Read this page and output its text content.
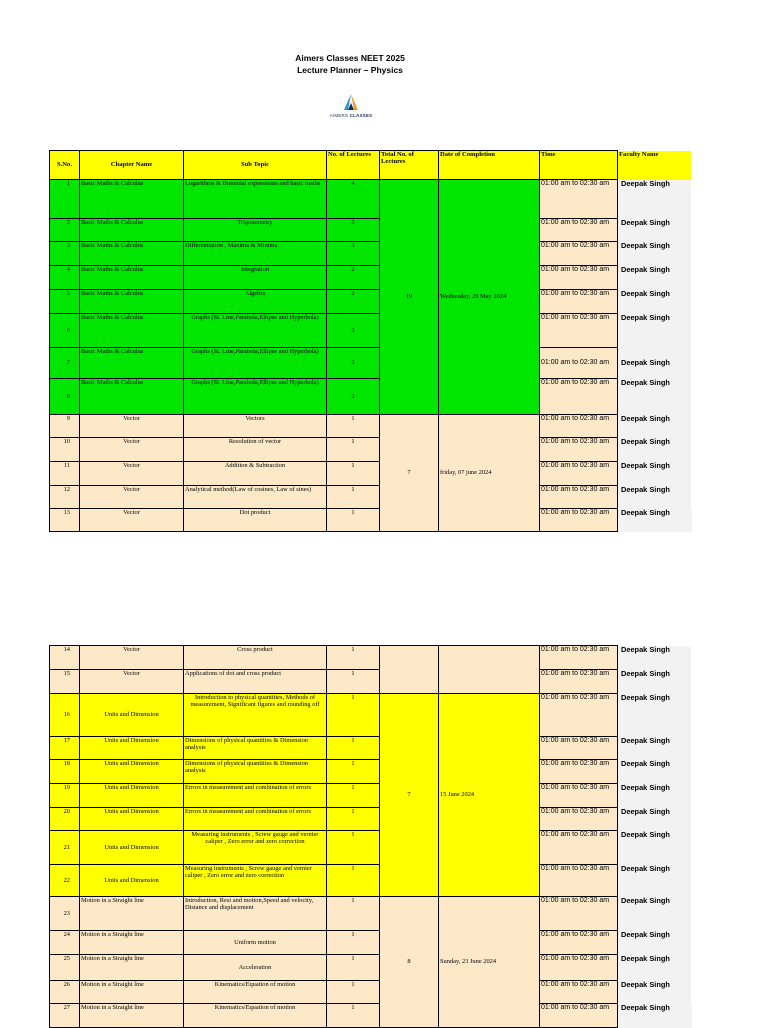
Aimers Classes NEET 2025
Lecture Planner – Physics
AIMERS CLASSES
S.No.	Chapter Name	Sub Topic	No. of Lectures	Total No. of Lectures	Date of Completion	Time	Faculty Name
1	Basic Maths & Calculus	Logarithms & Binomial expressions and basic maths	4	19	Wednesday, 29 May 2024	01:00 am to 02:30 am	Deepak Singh
2	Basic Maths & Calculus	Trigonometry	2			01:00 am to 02:30 am	Deepak Singh
3	Basic Maths & Calculus	Differentiation , Maxima & Minima	3			01:00 am to 02:30 am	Deepak Singh
4	Basic Maths & Calculus	Integration	2			01:00 am to 02:30 am	Deepak Singh
5	Basic Maths & Calculus	Algebra	2			01:00 am to 02:30 am	Deepak Singh
6	Basic Maths & Calculus	Graphs (St. Line,Parabola,Ellipse and Hyperbola)	2			01:00 am to 02:30 am	Deepak Singh
7	Basic Maths & Calculus	Graphs (St. Line,Parabola,Ellipse and Hyperbola)	2			01:00 am to 02:30 am	Deepak Singh
8	Basic Maths & Calculus	Graphs (St. Line,Parabola,Ellipse and Hyperbola)	2			01:00 am to 02:30 am	Deepak Singh
9	Vector	Vectors	1	7	friday, 07 june 2024	01:00 am to 02:30 am	Deepak Singh
10	Vector	Resolution of vector	1			01:00 am to 02:30 am	Deepak Singh
11	Vector	Addition & Subtraction	1			01:00 am to 02:30 am	Deepak Singh
12	Vector	Analytical method(Law of cosines, Law of sines)	1			01:00 am to 02:30 am	Deepak Singh
13	Vector	Dot product	1			01:00 am to 02:30 am	Deepak Singh
14	Vector	Cross product	1			01:00 am to 02:30 am	Deepak Singh
15	Vector	Applications of dot and cross product	1			01:00 am to 02:30 am	Deepak Singh
16	Units and Dimension	Introduction to physical quantities, Methods of measurement, Significant figures and rounding off	1	7	15 June 2024	01:00 am to 02:30 am	Deepak Singh
17	Units and Dimension	Dimensions of physical quantities & Dimension analysis	1			01:00 am to 02:30 am	Deepak Singh
18	Units and Dimension	Dimensions of physical quantities & Dimension analysis	1			01:00 am to 02:30 am	Deepak Singh
19	Units and Dimension	Errors in measurement and combination of errors	1			01:00 am to 02:30 am	Deepak Singh
20	Units and Dimension	Errors in measurement and combination of errors	1			01:00 am to 02:30 am	Deepak Singh
21	Units and Dimension	Measuring instruments , Screw gauge and vernier caliper , Zero error and zero correction	1			01:00 am to 02:30 am	Deepak Singh
22	Units and Dimension	Measuring instruments , Screw gauge and vernier caliper , Zero error and zero correction	1			01:00 am to 02:30 am	Deepak Singh
23	Motion in a Straight line	Introduction, Rest and motion,Speed and velocity, Distance and displacement	1	8	Sunday, 23 June 2024	01:00 am to 02:30 am	Deepak Singh
24	Motion in a Straight line	Uniform motion	1			01:00 am to 02:30 am	Deepak Singh
25	Motion in a Straight line	Acceleration	1			01:00 am to 02:30 am	Deepak Singh
26	Motion in a Straight line	Kinematics/Equation of motion	1			01:00 am to 02:30 am	Deepak Singh
27	Motion in a Straight line	Kinematics/Equation of motion	1			01:00 am to 02:30 am	Deepak Singh
